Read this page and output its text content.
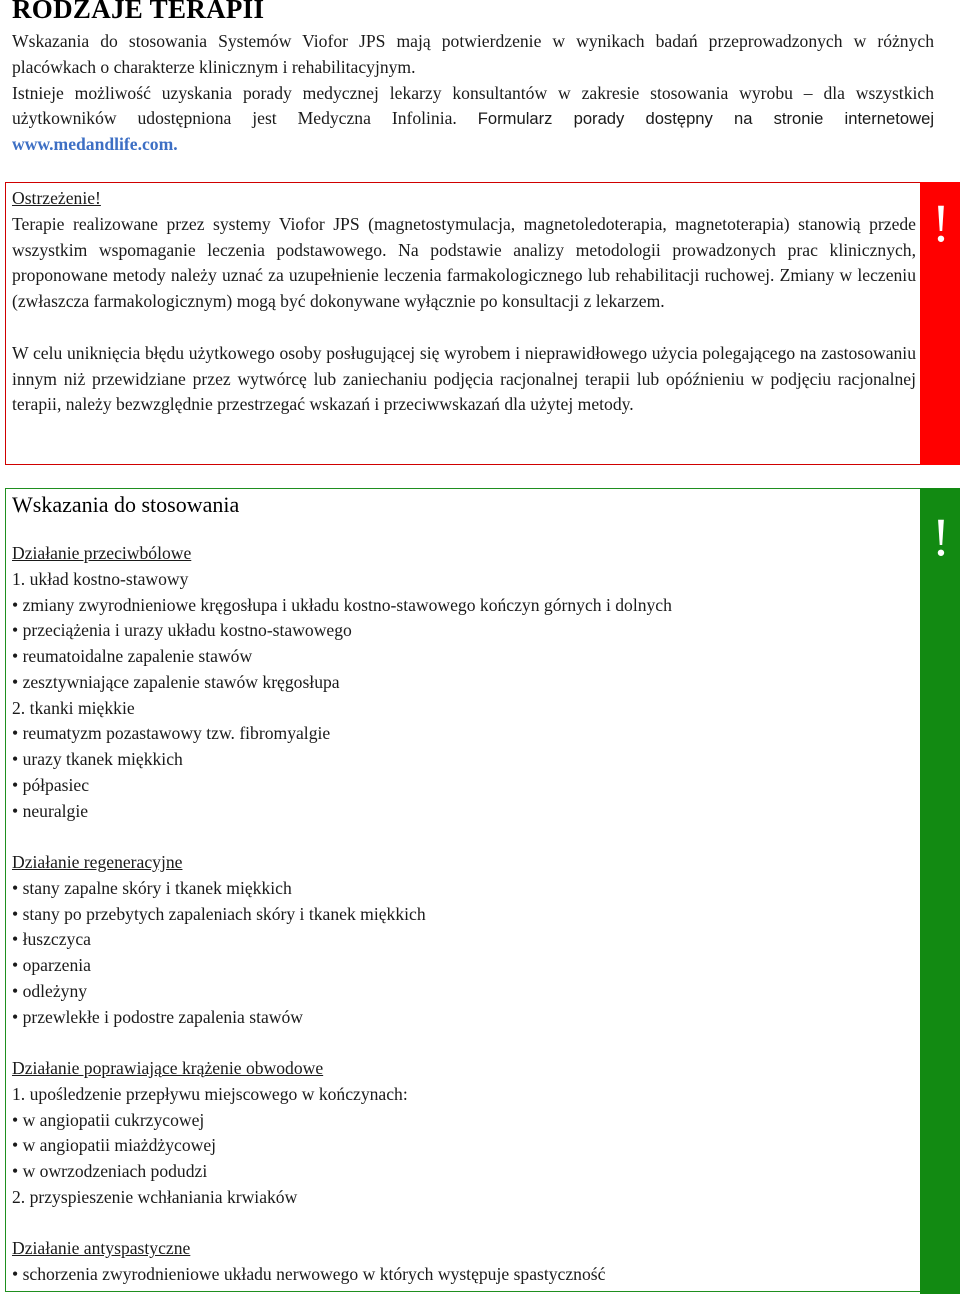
RODZAJE TERAPII

Wskazania do stosowania Systemów Viofor JPS mają potwierdzenie w wynikach badań przeprowadzonych w różnych placówkach o charakterze klinicznym i rehabilitacyjnym.

Istnieje możliwość uzyskania porady medycznej lekarzy konsultantów w zakresie stosowania wyrobu – dla wszystkich użytkowników udostępniona jest Medyczna Infolinia. Formularz porady dostępny na stronie internetowej www.medandlife.com.

!

Ostrzeżenie!

Terapie realizowane przez systemy Viofor JPS (magnetostymulacja, magnetoledoterapia, magnetoterapia) stanowią przede wszystkim wspomaganie leczenia podstawowego. Na podstawie analizy metodologii prowadzonych prac klinicznych, proponowane metody należy uznać za uzupełnienie leczenia farmakologicznego lub rehabilitacji ruchowej. Zmiany w leczeniu (zwłaszcza farmakologicznym) mogą być dokonywane wyłącznie po konsultacji z lekarzem.

W celu uniknięcia błędu użytkowego osoby posługującej się wyrobem i nieprawidłowego użycia polegającego na zastosowaniu innym niż przewidziane przez wytwórcę lub zaniechaniu podjęcia racjonalnej terapii lub opóźnieniu w podjęciu racjonalnej terapii, należy bezwzględnie przestrzegać wskazań i przeciwwskazań dla użytej metody.

!
Wskazania do stosowania
Działanie przeciwbólowe
1. układ kostno-stawowy
• zmiany zwyrodnieniowe kręgosłupa i układu kostno-stawowego kończyn górnych i dolnych
• przeciążenia i urazy układu kostno-stawowego
• reumatoidalne zapalenie stawów
• zesztywniające zapalenie stawów kręgosłupa
2. tkanki miękkie
• reumatyzm pozastawowy tzw. fibromyalgie
• urazy tkanek miękkich
• półpasiec
• neuralgie
Działanie regeneracyjne
• stany zapalne skóry i tkanek miękkich
• stany po przebytych zapaleniach skóry i tkanek miękkich
• łuszczyca
• oparzenia
• odleżyny
• przewlekłe i podostre zapalenia stawów
Działanie poprawiające krążenie obwodowe
1. upośledzenie przepływu miejscowego w kończynach:
• w angiopatii cukrzycowej
• w angiopatii miażdżycowej
• w owrzodzeniach podudzi
2. przyspieszenie wchłaniania krwiaków
Działanie antyspastyczne
• schorzenia zwyrodnieniowe układu nerwowego w których występuje spastyczność
